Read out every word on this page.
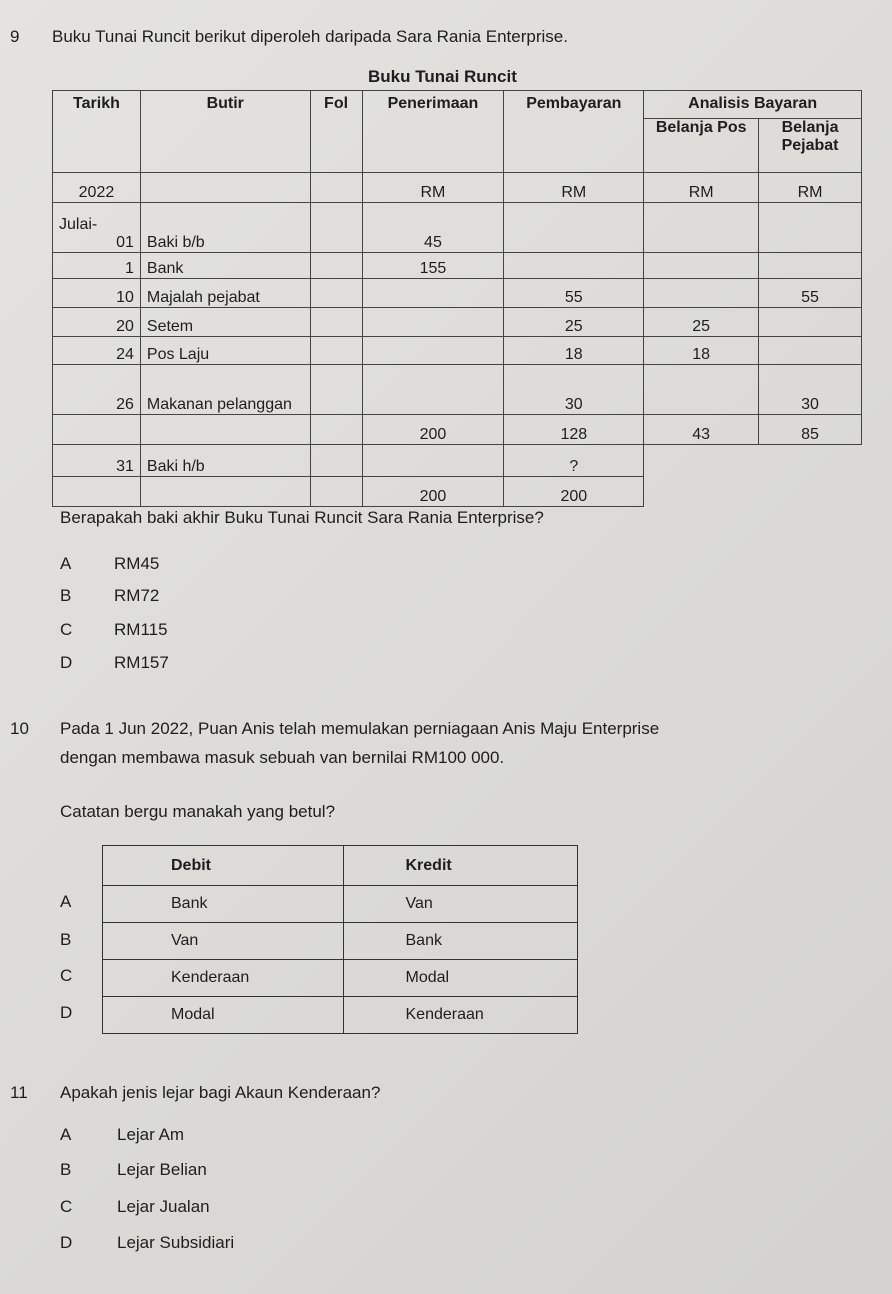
9 Buku Tunai Runcit berikut diperoleh daripada Sara Rania Enterprise.
Buku Tunai Runcit
Tarikh	Butir	Fol	Penerimaan	Pembayaran	Analisis Bayaran	
					Belanja Pos	Belanja Pejabat
2022			RM	RM	RM	RM

Julai-
01	Baki b/b		45			
1	Bank		155			
10	Majalah pejabat			55		55
20	Setem			25	25	
24	Pos Laju			18	18	
26	Makanan pelanggan			30		30
			200	128	43	85
31	Baki h/b			?		
			200	200		
Berapakah baki akhir Buku Tunai Runcit Sara Rania Enterprise?
A	RM45
B	RM72
C RM115
D RM157
10 Pada 1 Jun 2022, Puan Anis telah memulakan perniagaan Anis Maju Enterprise
dengan membawa masuk sebuah van bernilai RM100 000.
Catatan bergu manakah yang betul?
A
B
C
D
Debit	Kredit
Bank	Van
Van	Bank
Kenderaan	Modal
Modal	Kenderaan
11 Apakah jenis lejar bagi Akaun Kenderaan?
A	Lejar Am
B	Lejar Belian
C	Lejar Jualan
D	Lejar Subsidiari
